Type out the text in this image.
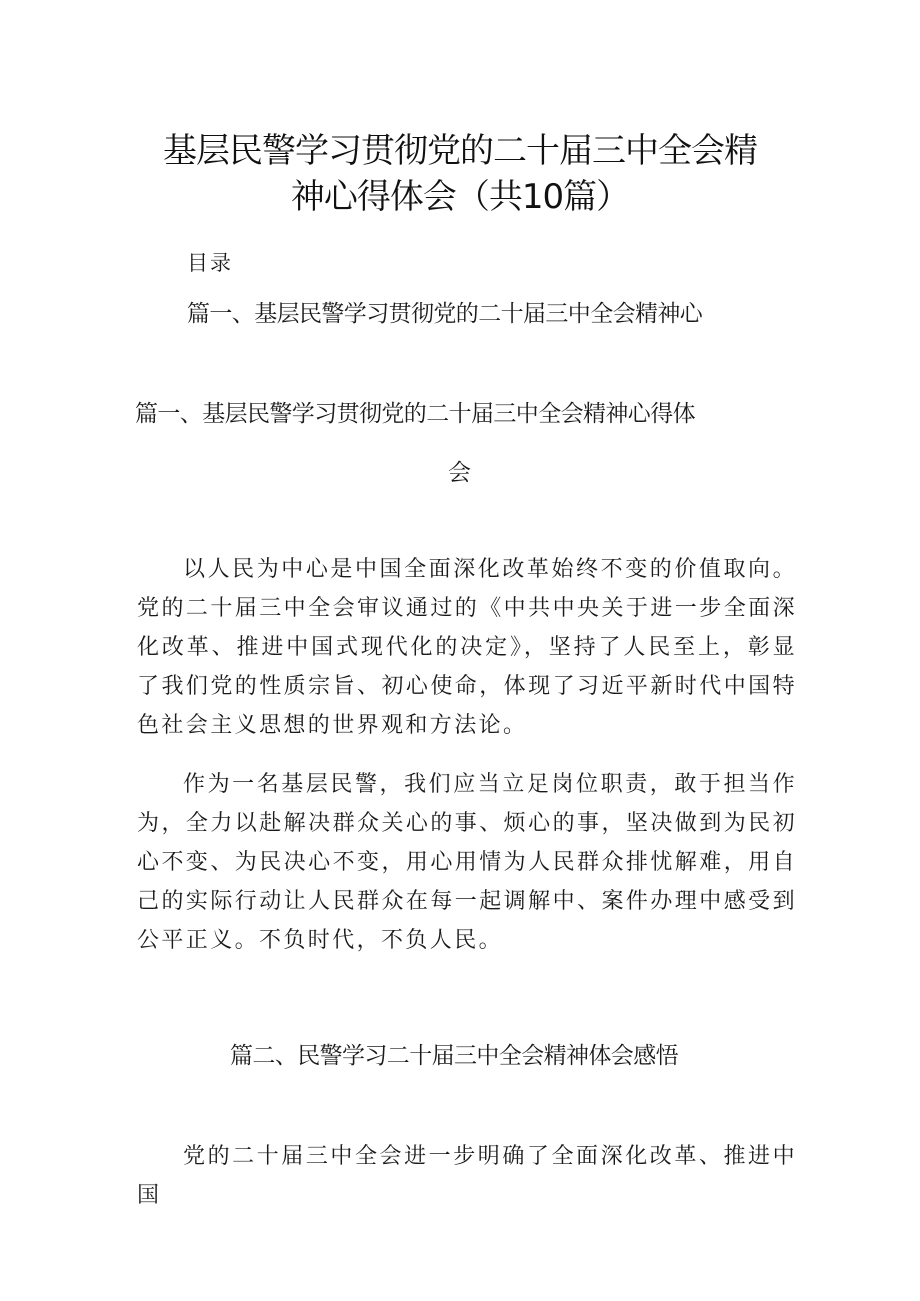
基层民警学习贯彻党的二十届三中全会精
神心得体会（共10篇）
目录
篇一、基层民警学习贯彻党的二十届三中全会精神心
篇一、基层民警学习贯彻党的二十届三中全会精神心得体
会

以人民为中心是中国全面深化改革始终不变的价值取向。党的二十届三中全会审议通过的《中共中央关于进一步全面深化改革、推进中国式现代化的决定》，坚持了人民至上，彰显了我们党的性质宗旨、初心使命，体现了习近平新时代中国特色社会主义思想的世界观和方法论。

作为一名基层民警，我们应当立足岗位职责，敢于担当作为，全力以赴解决群众关心的事、烦心的事，坚决做到为民初心不变、为民决心不变，用心用情为人民群众排忧解难，用自己的实际行动让人民群众在每一起调解中、案件办理中感受到公平正义。不负时代，不负人民。

篇二、民警学习二十届三中全会精神体会感悟

党的二十届三中全会进一步明确了全面深化改革、推进中国
